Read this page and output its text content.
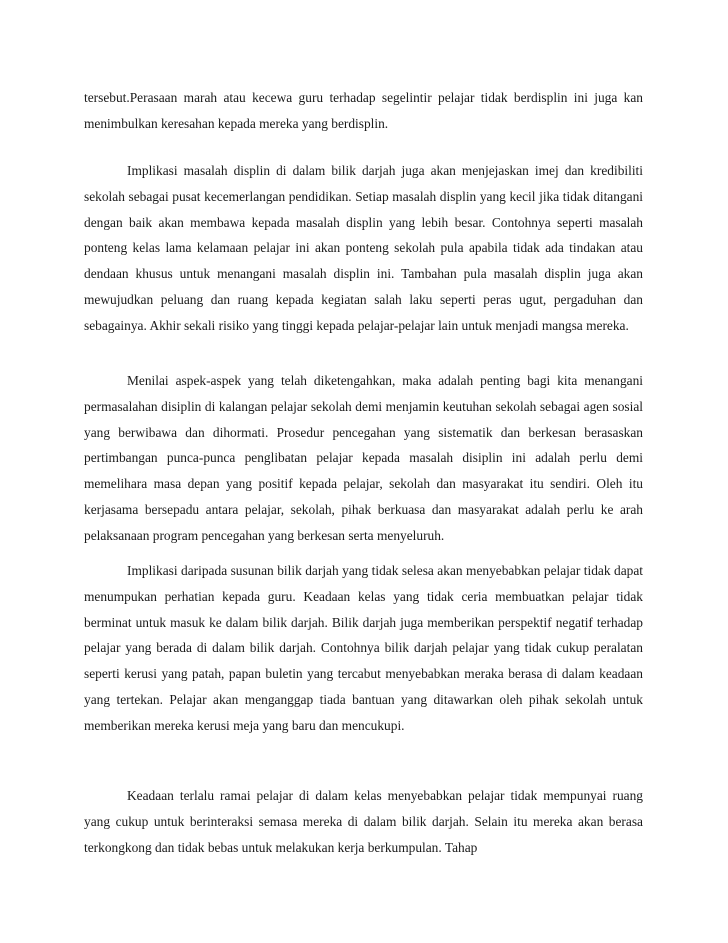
tersebut.Perasaan marah atau kecewa guru terhadap segelintir pelajar tidak berdisplin ini juga kan menimbulkan keresahan kepada mereka yang berdisplin.

Implikasi masalah displin di dalam bilik darjah juga akan menjejaskan imej dan kredibiliti sekolah sebagai pusat kecemerlangan pendidikan. Setiap masalah displin yang kecil jika tidak ditangani dengan baik akan membawa kepada masalah displin yang lebih besar. Contohnya seperti masalah ponteng kelas lama kelamaan pelajar ini akan ponteng sekolah pula apabila tidak ada tindakan atau dendaan khusus untuk menangani masalah displin ini. Tambahan pula masalah displin juga akan mewujudkan peluang dan ruang kepada kegiatan salah laku seperti peras ugut, pergaduhan dan sebagainya. Akhir sekali risiko yang tinggi kepada pelajar-pelajar lain untuk menjadi mangsa mereka.

Menilai aspek-aspek yang telah diketengahkan, maka adalah penting bagi kita menangani permasalahan disiplin di kalangan pelajar sekolah demi menjamin keutuhan sekolah sebagai agen sosial yang berwibawa dan dihormati. Prosedur pencegahan yang sistematik dan berkesan berasaskan pertimbangan punca-punca penglibatan pelajar kepada masalah disiplin ini adalah perlu demi memelihara masa depan yang positif kepada pelajar, sekolah dan masyarakat itu sendiri. Oleh itu kerjasama bersepadu antara pelajar, sekolah, pihak berkuasa dan masyarakat adalah perlu ke arah pelaksanaan program pencegahan yang berkesan serta menyeluruh.

Implikasi daripada susunan bilik darjah yang tidak selesa akan menyebabkan pelajar tidak dapat menumpukan perhatian kepada guru. Keadaan kelas yang tidak ceria membuatkan pelajar tidak berminat untuk masuk ke dalam bilik darjah. Bilik darjah juga memberikan perspektif negatif terhadap pelajar yang berada di dalam bilik darjah. Contohnya bilik darjah pelajar yang tidak cukup peralatan seperti kerusi yang patah, papan buletin yang tercabut menyebabkan meraka berasa di dalam keadaan yang tertekan. Pelajar akan menganggap tiada bantuan yang ditawarkan oleh pihak sekolah untuk memberikan mereka kerusi meja yang baru dan mencukupi.

Keadaan terlalu ramai pelajar di dalam kelas menyebabkan pelajar tidak mempunyai ruang yang cukup untuk berinteraksi semasa mereka di dalam bilik darjah. Selain itu mereka akan berasa terkongkong dan tidak bebas untuk melakukan kerja berkumpulan. Tahap
